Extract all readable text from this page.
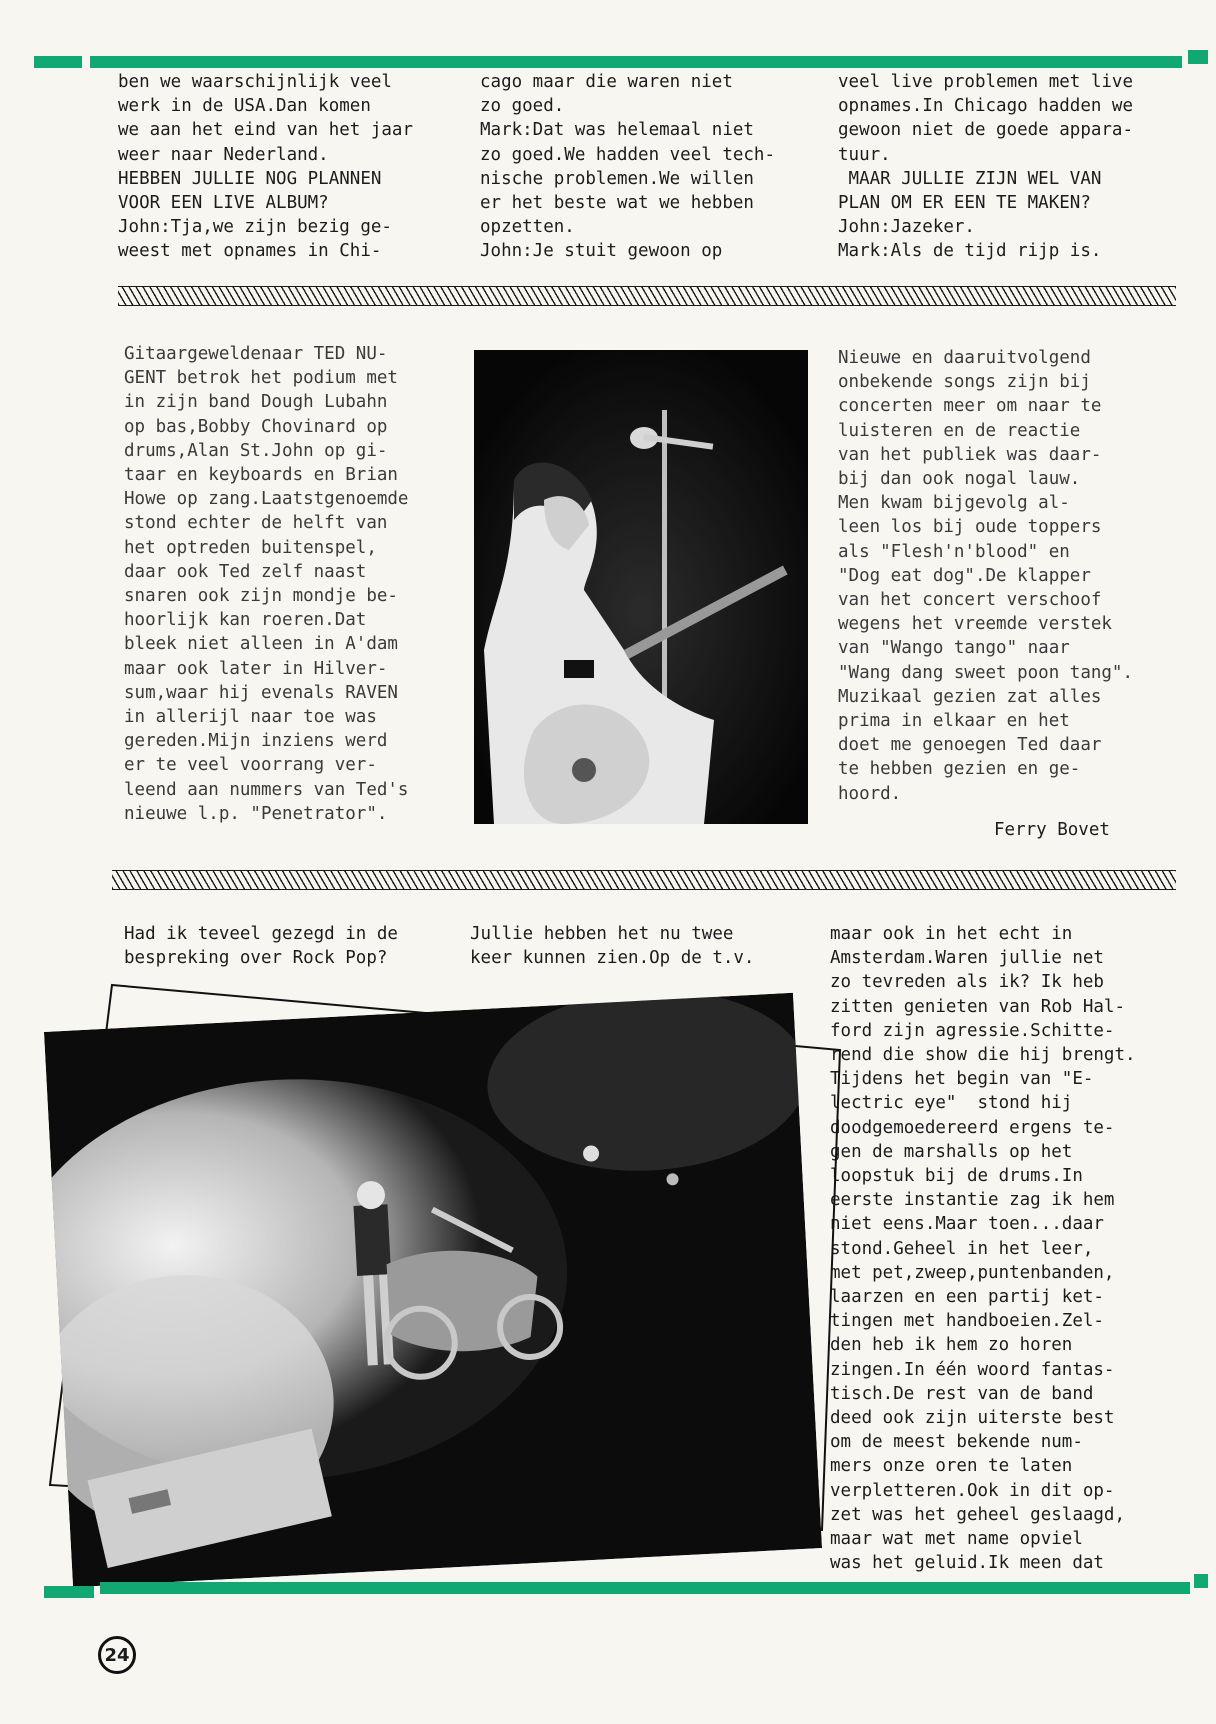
ben we waarschijnlijk veel
werk in de USA.Dan komen
we aan het eind van het jaar
weer naar Nederland.
HEBBEN JULLIE NOG PLANNEN
VOOR EEN LIVE ALBUM?
John:Tja,we zijn bezig ge-
weest met opnames in Chi-
cago maar die waren niet
zo goed.
Mark:Dat was helemaal niet
zo goed.We hadden veel tech-
nische problemen.We willen
er het beste wat we hebben
opzetten.
John:Je stuit gewoon op
veel live problemen met live
opnames.In Chicago hadden we
gewoon niet de goede appara-
tuur.
MAAR JULLIE ZIJN WEL VAN
PLAN OM ER EEN TE MAKEN?
John:Jazeker.
Mark:Als de tijd rijp is.
Gitaargeweldenaar TED NU-
GENT betrok het podium met
in zijn band Dough Lubahn
op bas,Bobby Chovinard op
drums,Alan St.John op gi-
taar en keyboards en Brian
Howe op zang.Laatstgenoemde
stond echter de helft van
het optreden buitenspel,
daar ook Ted zelf naast
snaren ook zijn mondje be-
hoorlijk kan roeren.Dat
bleek niet alleen in A'dam
maar ook later in Hilver-
sum,waar hij evenals RAVEN
in allerijl naar toe was
gereden.Mijn inziens werd
er te veel voorrang ver-
leend aan nummers van Ted's
nieuwe l.p. "Penetrator".
Nieuwe en daaruitvolgend
onbekende songs zijn bij
concerten meer om naar te
luisteren en de reactie
van het publiek was daar-
bij dan ook nogal lauw.
Men kwam bijgevolg al-
leen los bij oude toppers
als "Flesh'n'blood" en
"Dog eat dog".De klapper
van het concert verschoof
wegens het vreemde verstek
van "Wango tango" naar
"Wang dang sweet poon tang".
Muzikaal gezien zat alles
prima in elkaar en het
doet me genoegen Ted daar
te hebben gezien en ge-
hoord.
Ferry Bovet
Had ik teveel gezegd in de
bespreking over Rock Pop?
Jullie hebben het nu twee
keer kunnen zien.Op de t.v.
maar ook in het echt in
Amsterdam.Waren jullie net
zo tevreden als ik? Ik heb
zitten genieten van Rob Hal-
ford zijn agressie.Schitte-
rend die show die hij brengt.
Tijdens het begin van "E-
lectric eye"  stond hij
doodgemoedereerd ergens te-
gen de marshalls op het
loopstuk bij de drums.In
eerste instantie zag ik hem
niet eens.Maar toen...daar
stond.Geheel in het leer,
met pet,zweep,puntenbanden,
laarzen en een partij ket-
tingen met handboeien.Zel-
den heb ik hem zo horen
zingen.In één woord fantas-
tisch.De rest van de band
deed ook zijn uiterste best
om de meest bekende num-
mers onze oren te laten
verpletteren.Ook in dit op-
zet was het geheel geslaagd,
maar wat met name opviel
was het geluid.Ik meen dat
24
